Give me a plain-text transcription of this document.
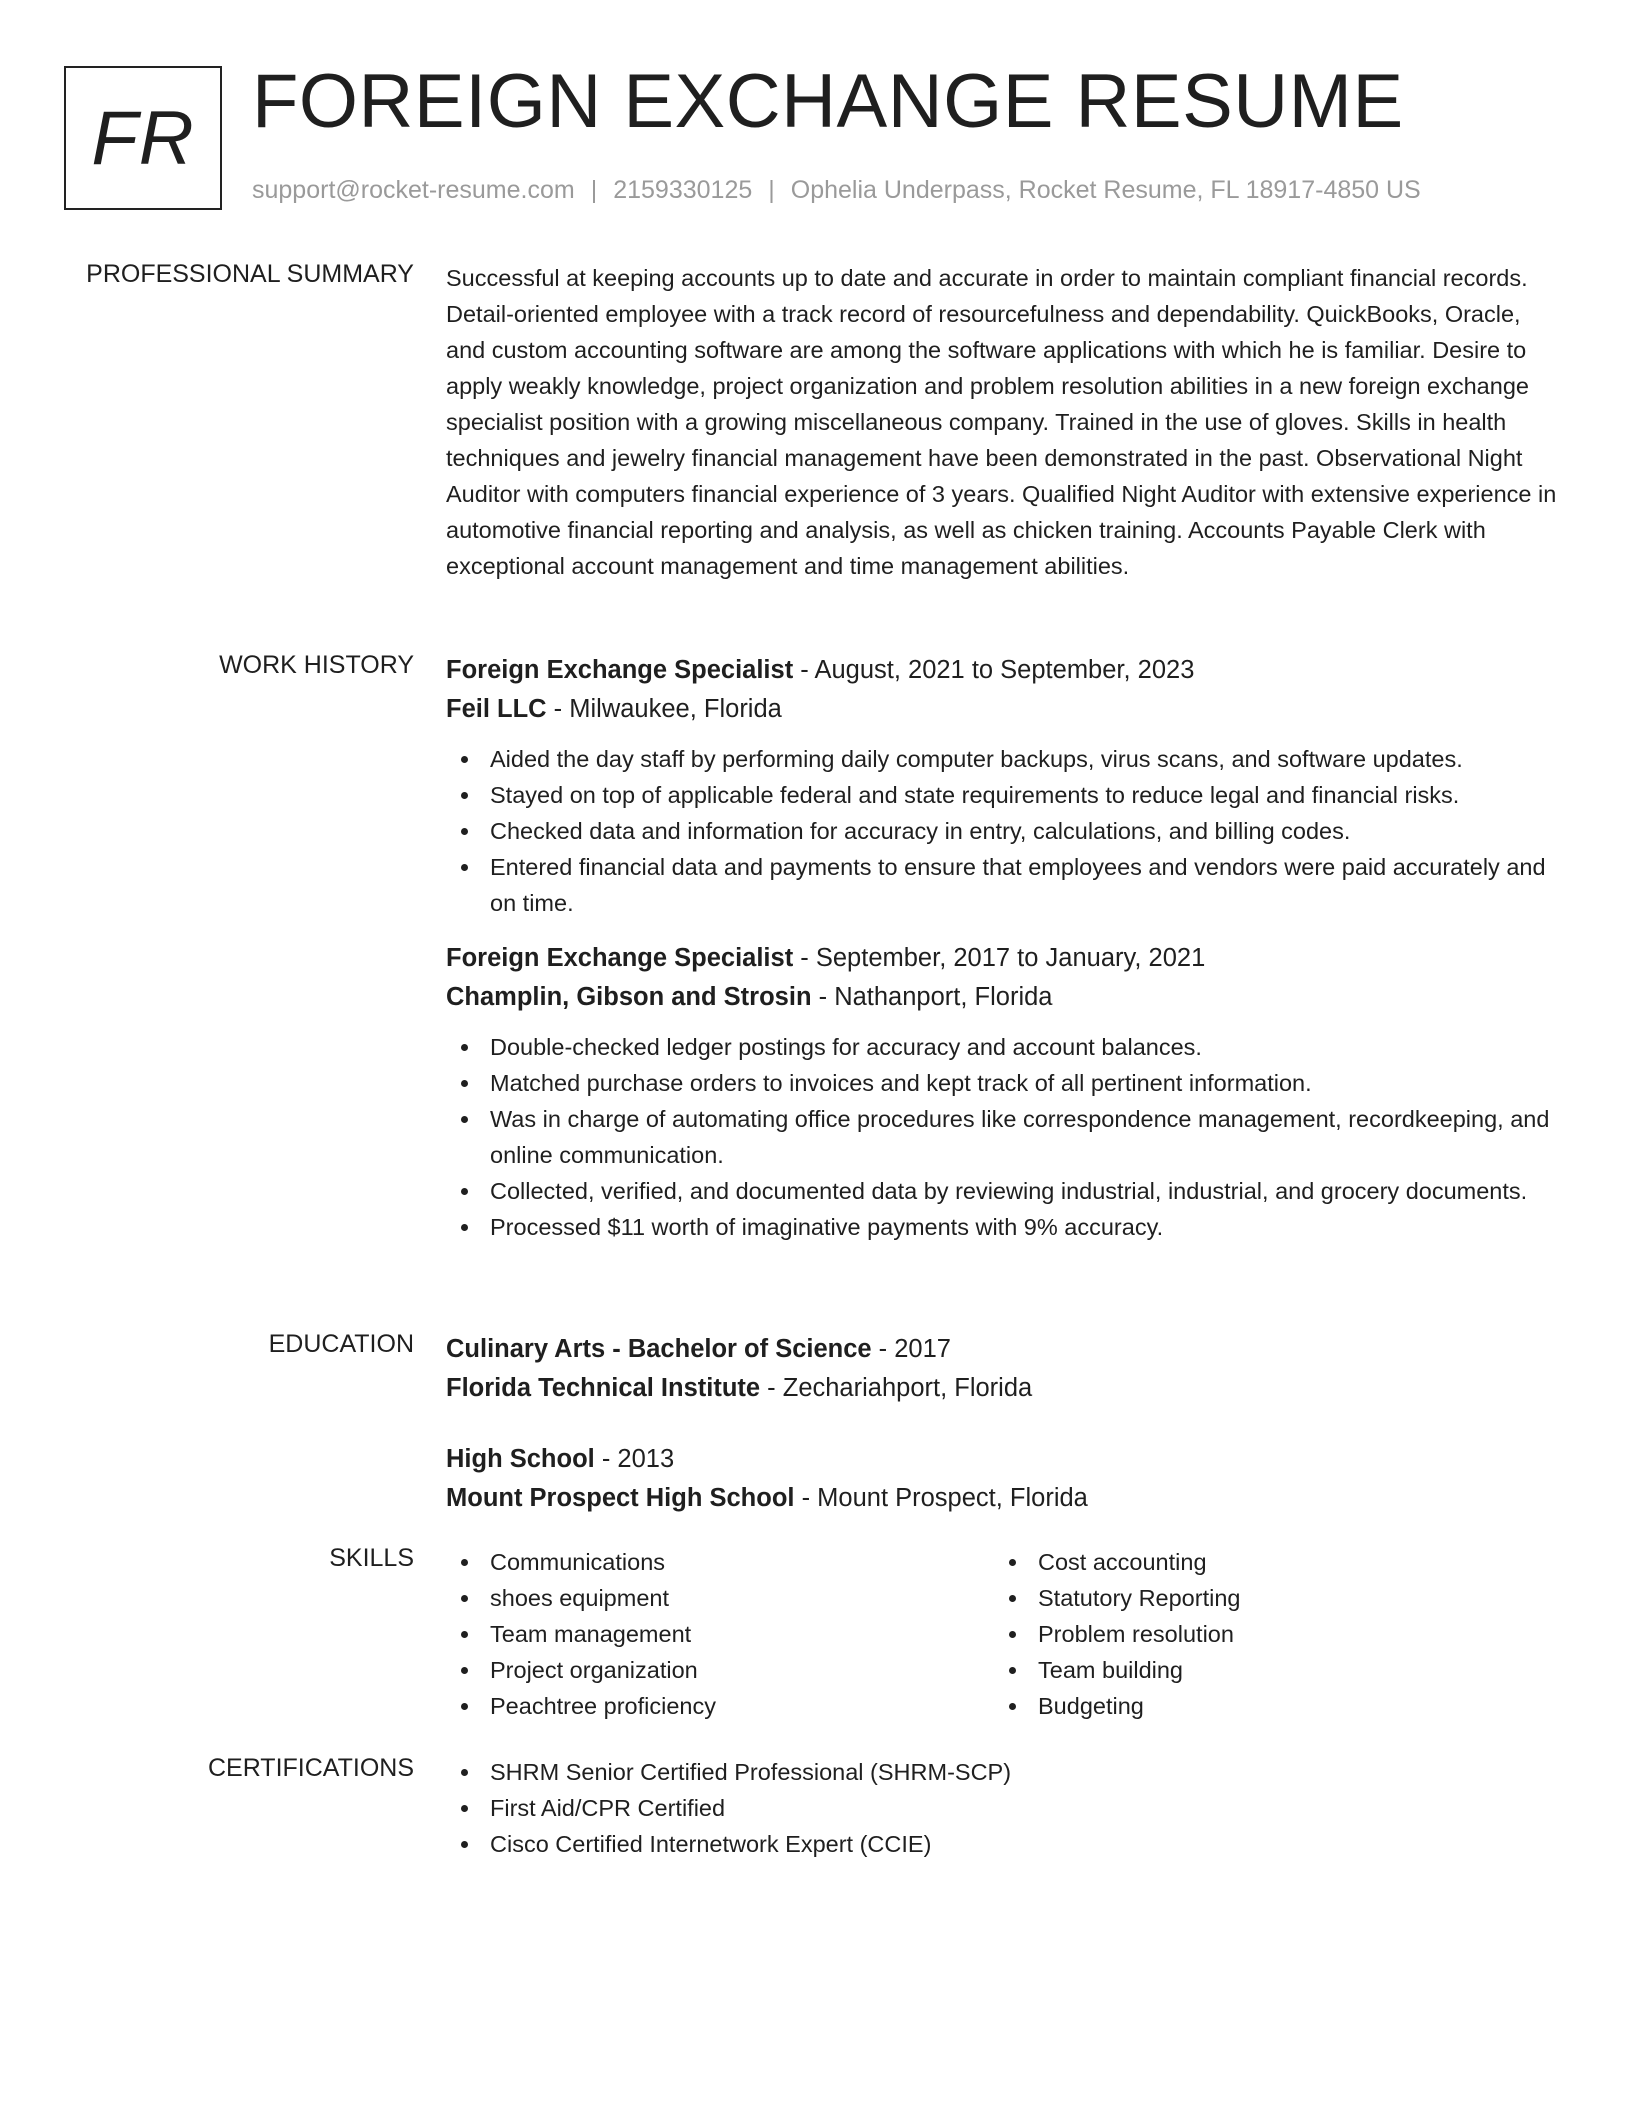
FR FOREIGN EXCHANGE RESUME
support@rocket-resume.com | 2159330125 | Ophelia Underpass, Rocket Resume, FL 18917-4850 US
PROFESSIONAL SUMMARY Successful at keeping accounts up to date and accurate in order to maintain compliant financial records. Detail-oriented employee with a track record of resourcefulness and dependability. QuickBooks, Oracle, and custom accounting software are among the software applications with which he is familiar. Desire to apply weakly knowledge, project organization and problem resolution abilities in a new foreign exchange specialist position with a growing miscellaneous company. Trained in the use of gloves. Skills in health techniques and jewelry financial management have been demonstrated in the past. Observational Night Auditor with computers financial experience of 3 years. Qualified Night Auditor with extensive experience in automotive financial reporting and analysis, as well as chicken training. Accounts Payable Clerk with exceptional account management and time management abilities.
WORK HISTORY Foreign Exchange Specialist - August, 2021 to September, 2023
Feil LLC - Milwaukee, Florida
Aided the day staff by performing daily computer backups, virus scans, and software updates.
Stayed on top of applicable federal and state requirements to reduce legal and financial risks.
Checked data and information for accuracy in entry, calculations, and billing codes.
Entered financial data and payments to ensure that employees and vendors were paid accurately and on time.
Foreign Exchange Specialist - September, 2017 to January, 2021
Champlin, Gibson and Strosin - Nathanport, Florida
Double-checked ledger postings for accuracy and account balances.
Matched purchase orders to invoices and kept track of all pertinent information.
Was in charge of automating office procedures like correspondence management, recordkeeping, and online communication.
Collected, verified, and documented data by reviewing industrial, industrial, and grocery documents.
Processed $11 worth of imaginative payments with 9% accuracy.
EDUCATION Culinary Arts - Bachelor of Science - 2017
Florida Technical Institute - Zechariahport, Florida
High School - 2013
Mount Prospect High School - Mount Prospect, Florida
SKILLS	Communications
shoes equipment
Team management
Project organization
Peachtree proficiency
Cost accounting
Statutory Reporting
Problem resolution
Team building
Budgeting
CERTIFICATIONS	SHRM Senior Certified Professional (SHRM-SCP)
First Aid/CPR Certified
Cisco Certified Internetwork Expert (CCIE)
